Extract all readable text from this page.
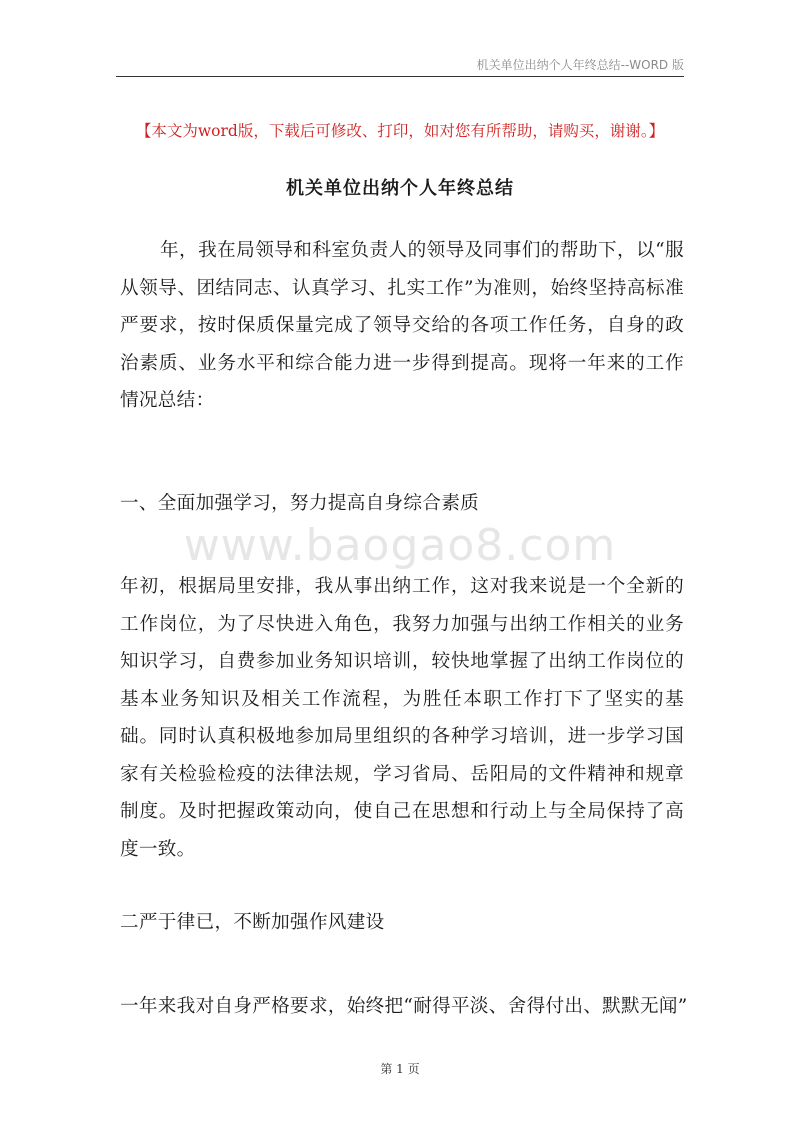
机关单位出纳个人年终总结--WORD 版
【本文为word版，下载后可修改、打印，如对您有所帮助，请购买，谢谢。】
机关单位出纳个人年终总结
年，我在局领导和科室负责人的领导及同事们的帮助下，以“服从领导、团结同志、认真学习、扎实工作”为准则，始终坚持高标准严要求，按时保质保量完成了领导交给的各项工作任务，自身的政治素质、业务水平和综合能力进一步得到提高。现将一年来的工作情况总结：
一、全面加强学习，努力提高自身综合素质
www.baogao8.com
年初，根据局里安排，我从事出纳工作，这对我来说是一个全新的工作岗位，为了尽快进入角色，我努力加强与出纳工作相关的业务知识学习，自费参加业务知识培训，较快地掌握了出纳工作岗位的基本业务知识及相关工作流程，为胜任本职工作打下了坚实的基础。同时认真积极地参加局里组织的各种学习培训，进一步学习国家有关检验检疫的法律法规，学习省局、岳阳局的文件精神和规章制度。及时把握政策动向，使自己在思想和行动上与全局保持了高度一致。
二严于律已，不断加强作风建设
一年来我对自身严格要求，始终把“耐得平淡、舍得付出、默默无闻”
第 1 页
